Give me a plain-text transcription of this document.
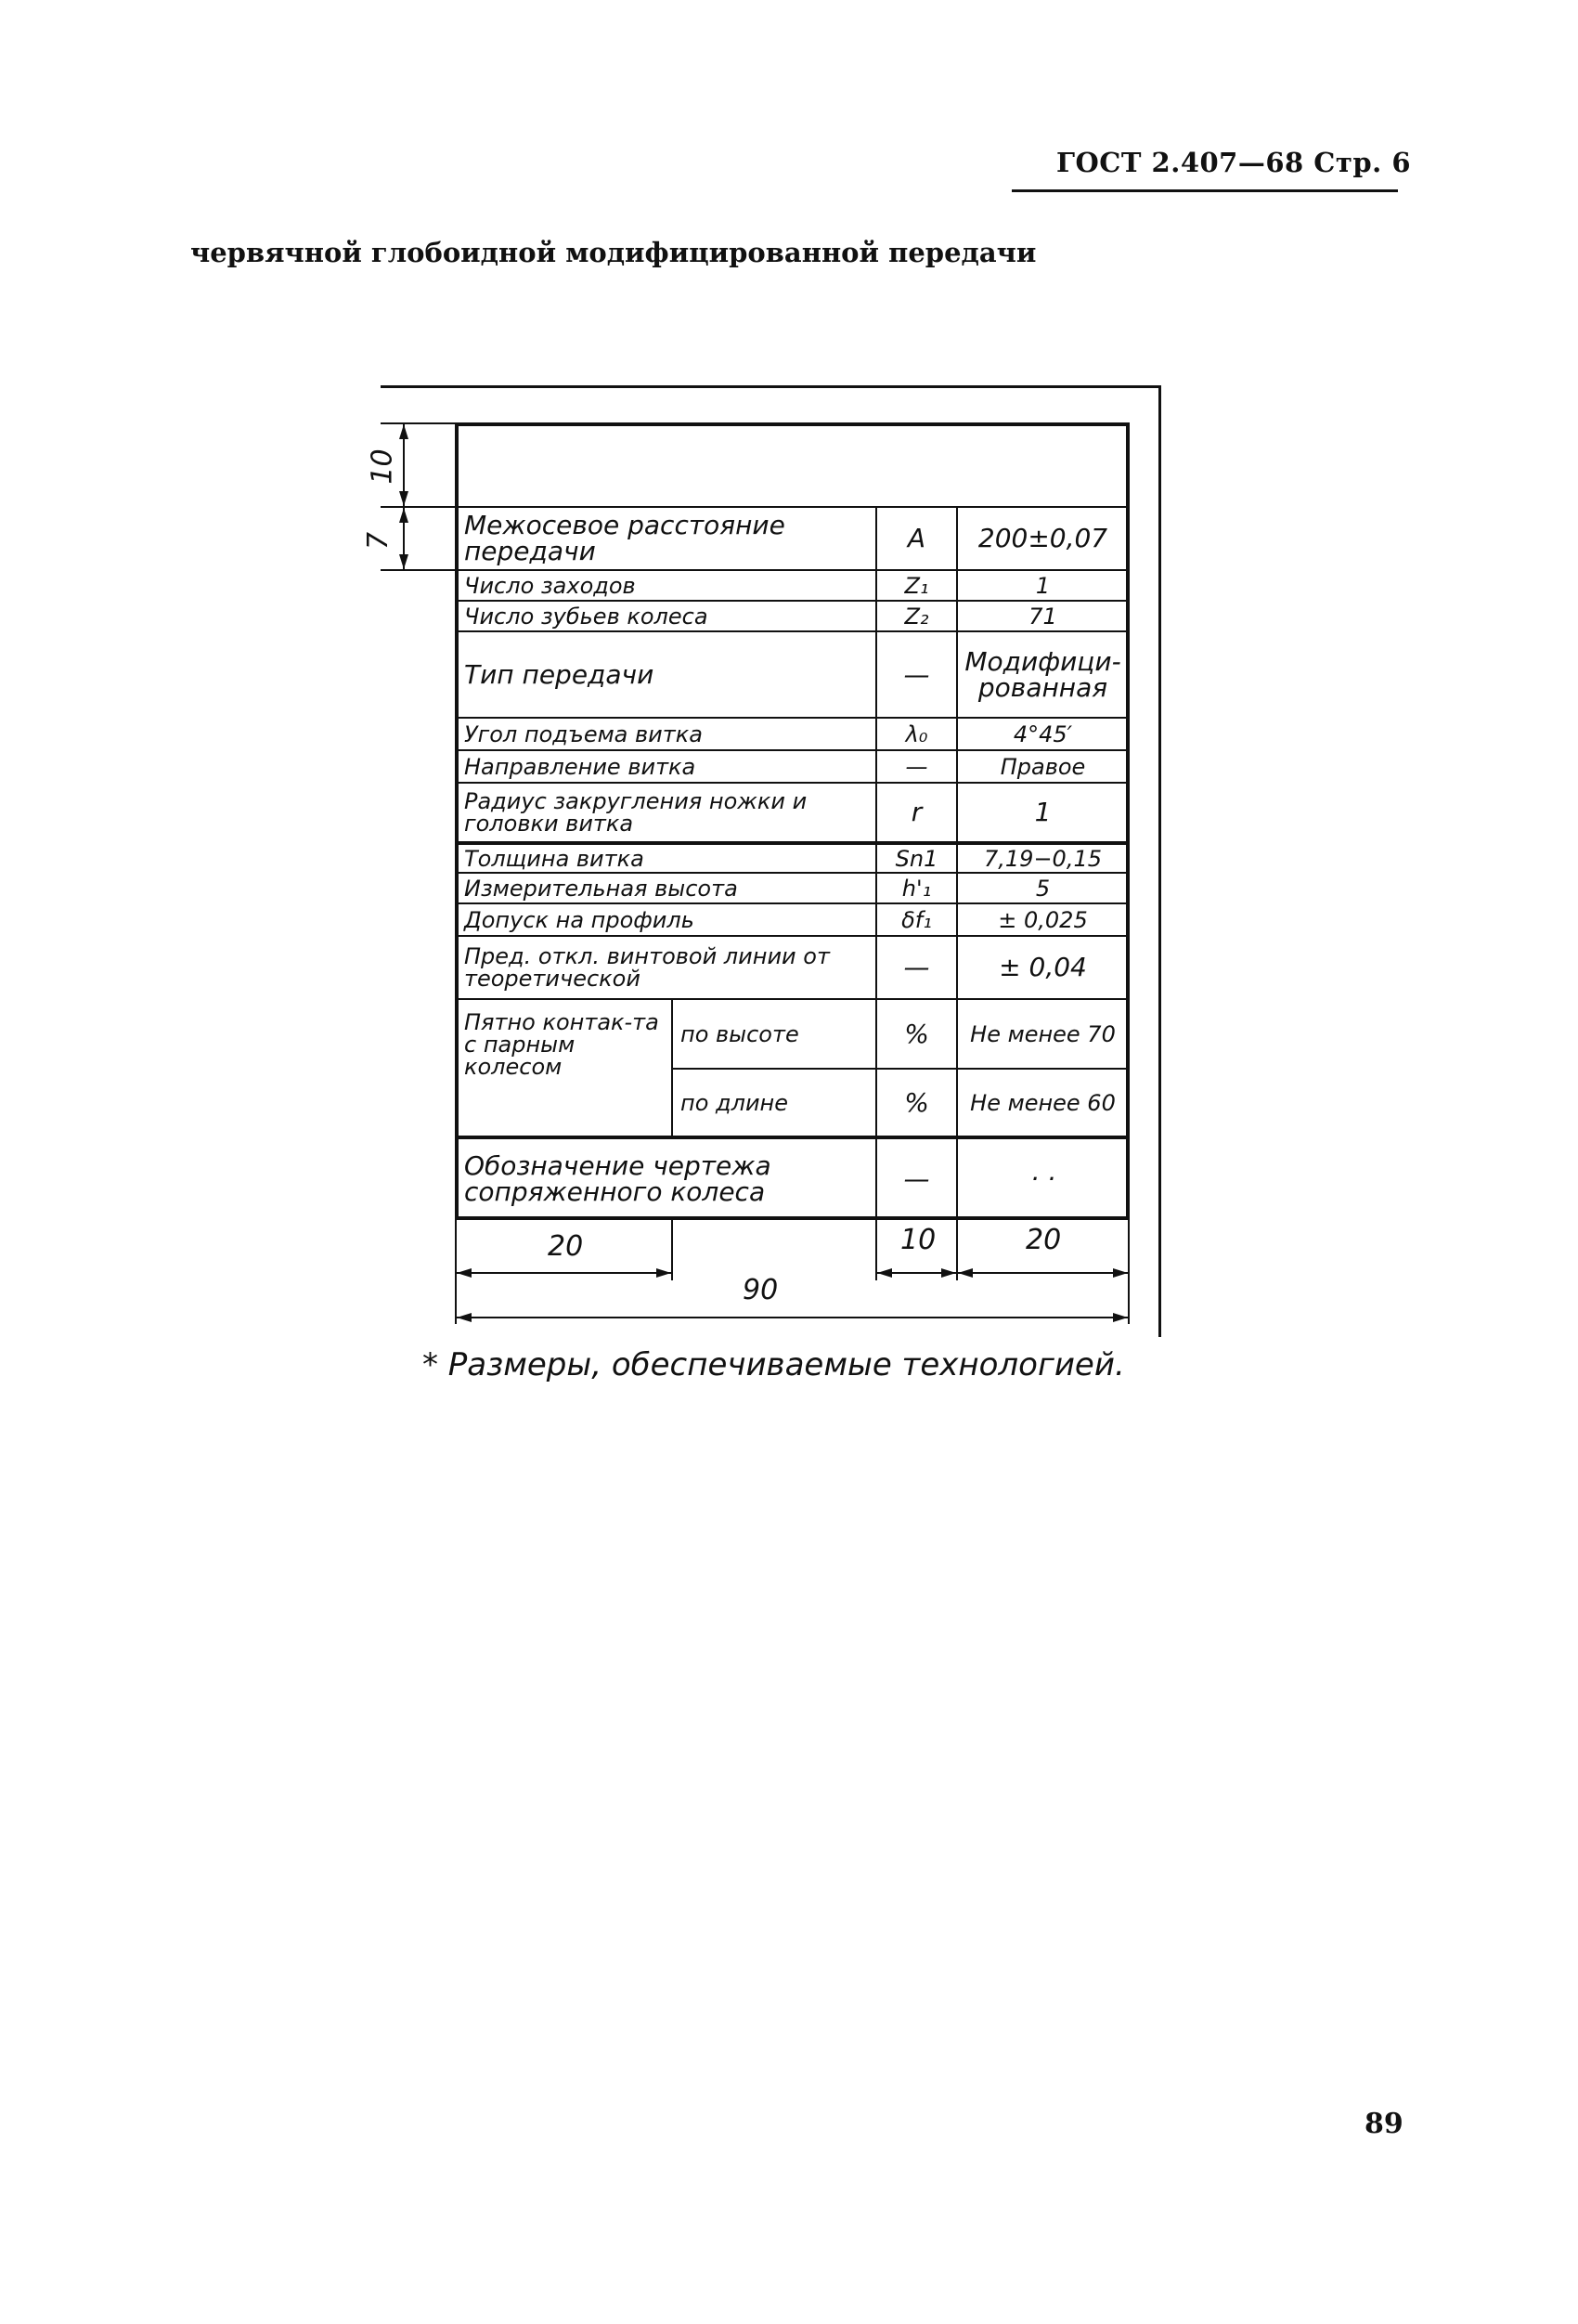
ГОСТ 2.407—68 Стр. 6
червячной глобоидной модифицированной передачи
Межосевое расстояние передачи	A	200±0,07
Число заходов	Z₁	1
Число зубьев колеса	Z₂	71
Тип передачи	—	Модифици-рованная
Угол подъема витка	λ₀	4°45′
Направление витка	—	Правое
Радиус закругления ножки и головки витка	r	1
Толщина витка	Sn1	7,19−0,15
Измерительная высота	h'₁	5
Допуск на профиль	δf₁	± 0,025
Пред. откл. винтовой линии от теоретической	—	± 0,04
Пятно контак-та с парным колесом
по высоте	%	Не менее 70
по длине	%	Не менее 60
Обозначение чертежа сопряженного колеса	—	· ·
10
7
20	10	20
90
* Размеры, обеспечиваемые технологией.
89
